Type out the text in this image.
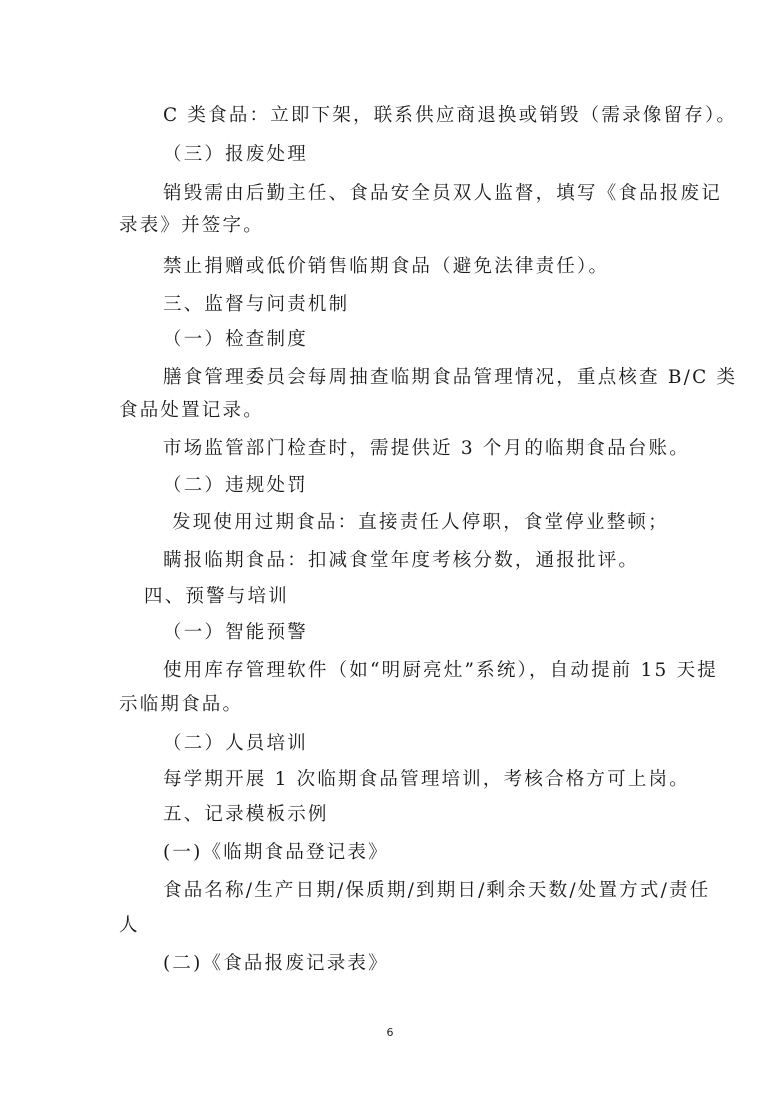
C 类食品：立即下架，联系供应商退换或销毁（需录像留存）。
（三）报废处理
销毁需由后勤主任、食品安全员双人监督，填写《食品报废记
录表》并签字。
禁止捐赠或低价销售临期食品（避免法律责任）。
三、监督与问责机制
（一）检查制度
膳食管理委员会每周抽查临期食品管理情况，重点核查 B/C 类
食品处置记录。
市场监管部门检查时，需提供近 3 个月的临期食品台账。
（二）违规处罚
发现使用过期食品：直接责任人停职，食堂停业整顿；
瞒报临期食品：扣减食堂年度考核分数，通报批评。
四、预警与培训
（一）智能预警
使用库存管理软件（如“明厨亮灶”系统），自动提前 15 天提
示临期食品。
（二）人员培训
每学期开展 1 次临期食品管理培训，考核合格方可上岗。
五、记录模板示例
(一)《临期食品登记表》
食品名称/生产日期/保质期/到期日/剩余天数/处置方式/责任
人
(二)《食品报废记录表》
6
